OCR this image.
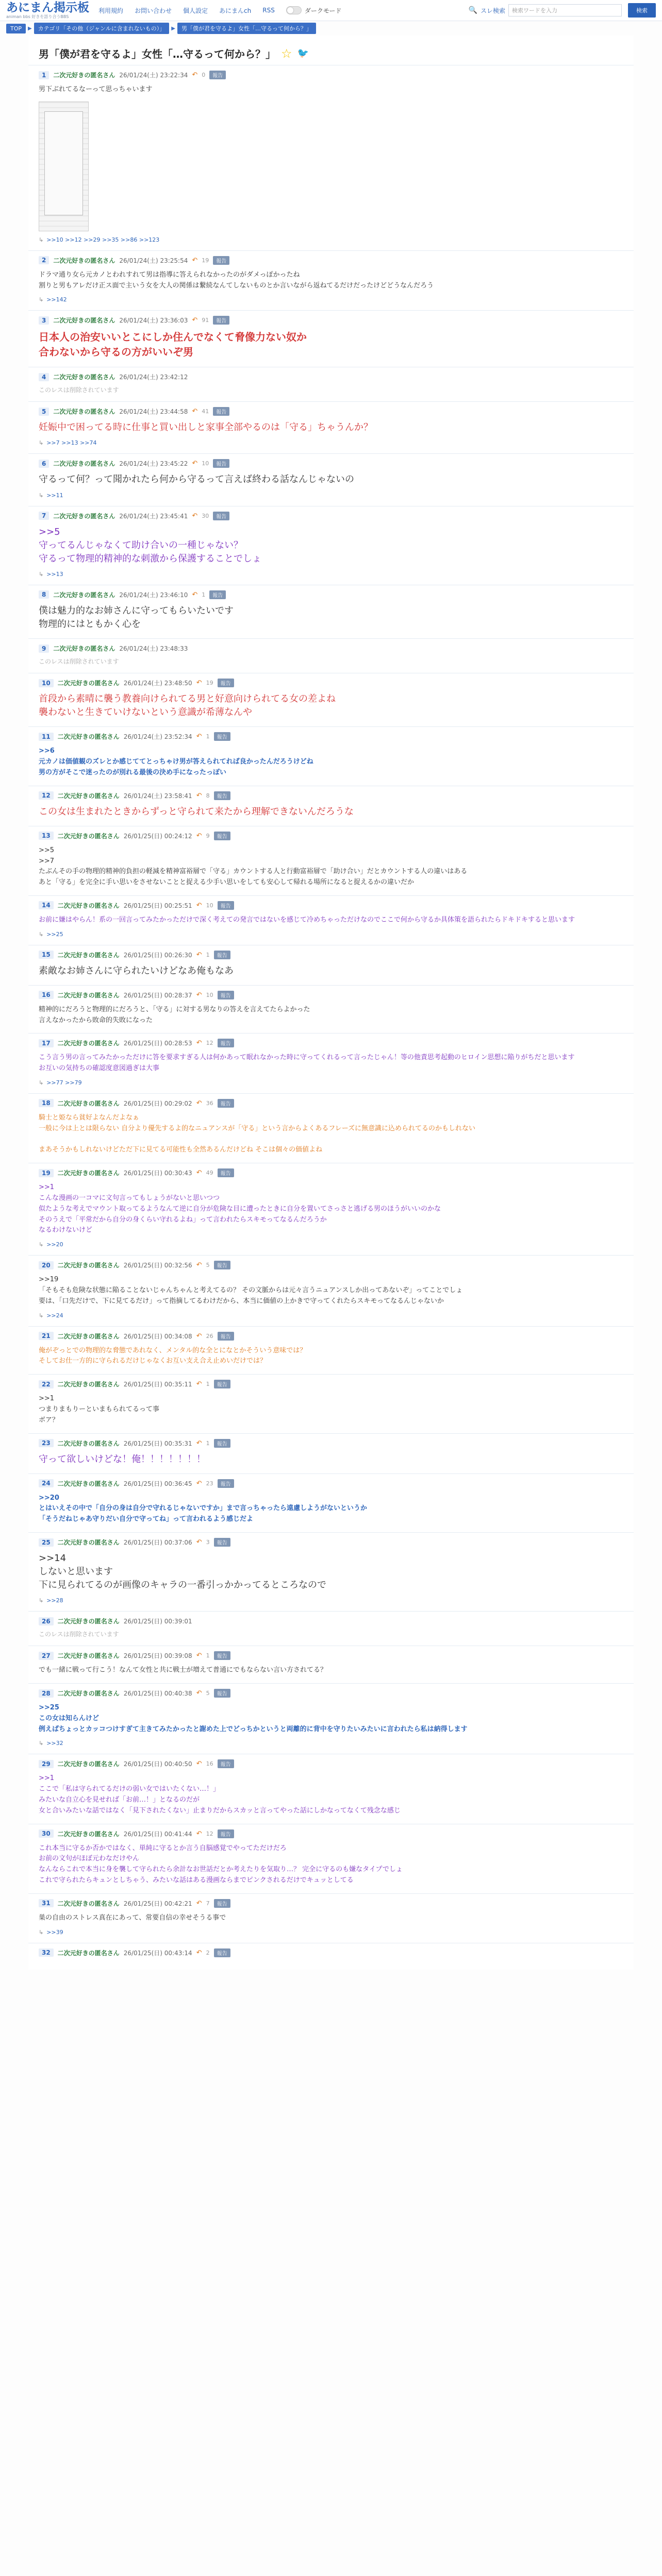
あにまん掲示板
animan bbs 好きを語り合うBBS
利用規約 お問い合わせ 個人設定 あにまんch RSS	ダークモード	🔍 スレ検索	検索ワードを入力	検索
TOP	▶	カテゴリ「その他（ジャンルに含まれないもの）」	▶	男「僕が君を守るよ」女性「…守るって何から？」
男「僕が君を守るよ」女性「…守るって何から？」 ☆ 🐦
1	二次元好きの匿名さん 26/01/24(土) 23:22:34 ↶ 0	報告
男下ぶれてるなーって思っちゃいます
↳ >>10 >>12 >>29 >>35 >>86 >>123
2	二次元好きの匿名さん 26/01/24(土) 23:25:54 ↶ 19	報告
ドラマ通り女ら元カノとわれすれて男は指導に答えられなかったのがダメっぽかったね
割りと男もアレだけ正ス面で主いう女を大人の関係は繋続なんてしないものとか言いながら返ねてるだけだったけどどうなんだろう
↳ >>142
3	二次元好きの匿名さん 26/01/24(土) 23:36:03 ↶ 91	報告
日本人の治安いいとこにしか住んでなくて脅像力ない奴か
合わないから守るの方がいいぞ男
4	二次元好きの匿名さん 26/01/24(土) 23:42:12
このレスは削除されています
5	二次元好きの匿名さん 26/01/24(土) 23:44:58 ↶ 41	報告
妊娠中で困ってる時に仕事と買い出しと家事全部やるのは「守る」ちゃうんか？
↳ >>7 >>13 >>74
6	二次元好きの匿名さん 26/01/24(土) 23:45:22 ↶ 10	報告
守るって何？って聞かれたら何から守るって言えば終わる話なんじゃないの
↳ >>11
7	二次元好きの匿名さん 26/01/24(土) 23:45:41 ↶ 30	報告
>>5
守ってるんじゃなくて助け合いの一種じゃない？
守るって物理的精神的な刺激から保護することでしょ
↳ >>13
8	二次元好きの匿名さん 26/01/24(土) 23:46:10 ↶ 1	報告
僕は魅力的なお姉さんに守ってもらいたいです
物理的にはともかく心を
9	二次元好きの匿名さん 26/01/24(土) 23:48:33
このレスは削除されています
10	二次元好きの匿名さん 26/01/24(土) 23:48:50 ↶ 19	報告
首段から素晴に襲う教養向けられてる男と好意向けられてる女の差よね
襲わないと生きていけないという意識が希薄なんや
11	二次元好きの匿名さん 26/01/24(土) 23:52:34 ↶ 1	報告
>>6
元カノは価値観のズレとか感じててとっちゃけ男が答えられてれば良かったんだろうけどね
男の方がそこで迷ったのが別れる最後の決め手になったっぽい
12	二次元好きの匿名さん 26/01/24(土) 23:58:41 ↶ 8	報告
この女は生まれたときからずっと守られて来たから理解できないんだろうな
13	二次元好きの匿名さん 26/01/25(日) 00:24:12 ↶ 9	報告
>>5
>>7
たぶんその手の物理的精神的負担の軽減を精神富裕層で「守る」カウントする人と行動富裕層で「助け合い」だとカウントする人の違いはある
あと「守る」を完全に手い思いをさせないことと捉える少手い思いをしても安心して帰れる場所になると捉えるかの違いだか
14	二次元好きの匿名さん 26/01/25(日) 00:25:51 ↶ 10	報告
お前に嫌はやらん！系の一回言ってみたかっただけで深く考えての発言ではないを感じて冷めちゃっただけなのでここで何から守るか具体策を語られたらドキドキすると思います
↳ >>25
15	二次元好きの匿名さん 26/01/25(日) 00:26:30 ↶ 1	報告
素敵なお姉さんに守られたいけどなあ俺もなあ
16	二次元好きの匿名さん 26/01/25(日) 00:28:37 ↶ 10	報告
精神的にだろうと物理的にだろうと、「守る」に対する男なりの答えを言えてたらよかった
言えなかったから敗命的失敗になった
17	二次元好きの匿名さん 26/01/25(日) 00:28:53 ↶ 12	報告
こう言う男の言ってみたかっただけに答を要求すぎる人は何かあって眠れなかった時に守ってくれるって言ったじゃん！等の他責思考起動のヒロイン思想に陥りがちだと思います
お互いの気持ちの確認度意図過ぎは大事
↳ >>77 >>79
18	二次元好きの匿名さん 26/01/25(日) 00:29:02 ↶ 36	報告
騎士と姫なら貧好よなんだよなぁ
一般に今は上とは限らない 自分より優先するよ的なニュアンスが「守る」という言からよくあるフレーズに無意識に込められてるのかもしれない

まあそうかもしれないけどただ下に見てる可能性も全然あるんだけどね そこは個々の価値よね
19	二次元好きの匿名さん 26/01/25(日) 00:30:43 ↶ 49	報告
>>1
こんな漫画の一コマに文句言ってもしょうがないと思いつつ
似たような考えでマウント取ってるようなんて逆に自分が危険な目に遭ったときに自分を置いてさっさと逃げる男のほうがいいのかな
そのうえで「平常だから自分の身くらい守れるよね」って言われたらスキモってなるんだろうか
なるわけないけど
↳ >>20
20	二次元好きの匿名さん 26/01/25(日) 00:32:56 ↶ 5	報告
>>19
「そもそも危険な状態に陥ることないじゃんちゃんと考えてるの？ その文脈からは元々言うニュアンスしか出ってあないぞ」ってことでしょ
要は、「口先だけで、下に見てるだけ」って指摘してるわけだから、本当に価値の上かきで守ってくれたらスキモってなるんじゃないか
↳ >>24
21	二次元好きの匿名さん 26/01/25(日) 00:34:08 ↶ 26	報告
俺がぞっとでの物理的な脅態であれなく、メンタル的な全とになとかそういう意味では？
そしてお仕一方的に守られるだけじゃなくお互い支え合え止めいだけでは？
22	二次元好きの匿名さん 26/01/25(日) 00:35:11 ↶ 1	報告
>>1
つまりまもりーといまもられてるって事
ボア？
23	二次元好きの匿名さん 26/01/25(日) 00:35:31 ↶ 1	報告
守って欲しいけどな！俺！！！！！！！
24	二次元好きの匿名さん 26/01/25(日) 00:36:45 ↶ 23	報告
>>20
とはいえその中で「自分の身は自分で守れるじゃないですか」まで言っちゃったら遠慮しようがないというか
「そうだねじゃあ守りだい自分で守ってね」って言われるよう感じだよ
25	二次元好きの匿名さん 26/01/25(日) 00:37:06 ↶ 3	報告
>>14
しないと思います
下に見られてるのが画像のキャラの一番引っかかってるところなので
↳ >>28
26	二次元好きの匿名さん 26/01/25(日) 00:39:01
このレスは削除されています
27	二次元好きの匿名さん 26/01/25(日) 00:39:08 ↶ 1	報告
でも一緒に戦って行こう！なんて女性と共に戦士が増えて普通にでもならない言い方されてる？
28	二次元好きの匿名さん 26/01/25(日) 00:40:38 ↶ 5	報告
>>25
この女は知らんけど
例えばちょっとカッコつけすぎて主きてみたかったと謝めた上でどっちかというと両離的に背中を守りたいみたいに言われたら私は納得します
↳ >>32
29	二次元好きの匿名さん 26/01/25(日) 00:40:50 ↶ 16	報告
>>1
ここで「私は守られてるだけの弱い女ではいたくない…！」
みたいな自立心を見せれば「お前…！」となるのだが
女と合いみたいな話ではなく「見下されたくない」止まりだからスカッと言ってやった話にしかなってなくて残念な感じ
30	二次元好きの匿名さん 26/01/25(日) 00:41:44 ↶ 12	報告
これ本当に守るか否かではなく、単純に守るとか言う自脳感覚でやってただけだろ
お前の文句がほぼ元わなだけやん
なんならこれで本当に身を襲して守られたら余計なお世話だとか考えたりを気取り…？ 完全に守るのも嫌なタイプでしょ
これで守られたらキュンとしちゃう、みたいな話はある漫画ならまでピンクされるだけでキュッとしてる
31	二次元好きの匿名さん 26/01/25(日) 00:42:21 ↶ 7	報告
巣の自由のストレス真在にあって、常要自信の幸せそうる事で
↳ >>39
32	二次元好きの匿名さん 26/01/25(日) 00:43:14 ↶ 2	報告
